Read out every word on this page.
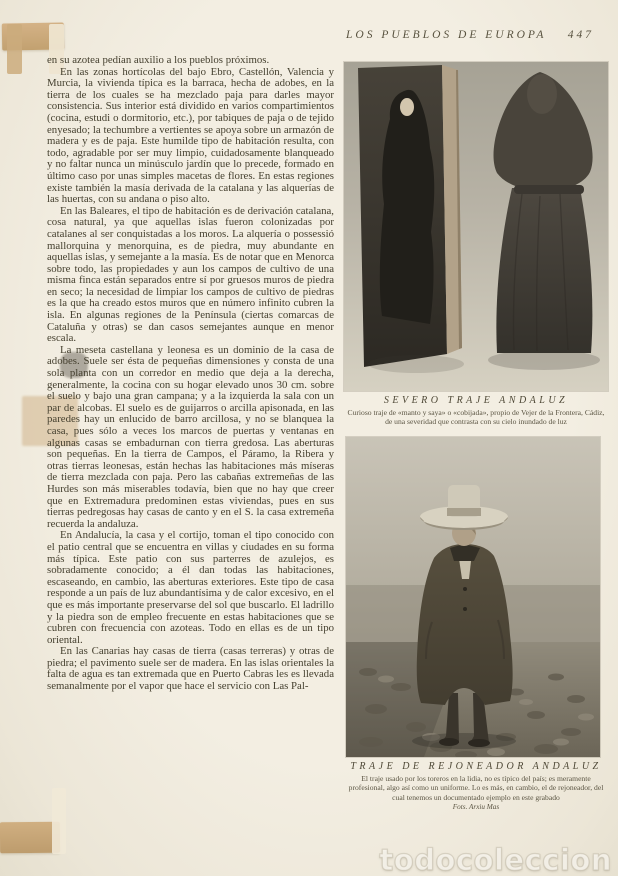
LOS PUEBLOS DE EUROPA 447

en su azotea pedían auxilio a los pueblos próximos.

En las zonas hortícolas del bajo Ebro, Castellón, Valencia y Murcia, la vivienda típica es la barraca, hecha de adobes, en la tierra de los cuales se ha mezclado paja para darles mayor consistencia. Sus interior está dividido en varios compartimientos (cocina, estudi o dormitorio, etc.), por tabiques de paja o de tejido enyesado; la techumbre a vertientes se apoya sobre un armazón de madera y es de paja. Este humilde tipo de habitación resulta, con todo, agradable por ser muy limpio, cuidadosamente blanqueado y no faltar nunca un minúsculo jardín que lo precede, formado en último caso por unas simples macetas de flores. En estas regiones existe también la masía derivada de la catalana y las alquerías de las huertas, con su andana o piso alto.

En las Baleares, el tipo de habitación es de derivación catalana, cosa natural, ya que aquellas islas fueron colonizadas por catalanes al ser conquistadas a los moros. La alquería o possessió mallorquina y menorquina, es de piedra, muy abundante en aquellas islas, y semejante a la masía. Es de notar que en Menorca sobre todo, las propiedades y aun los campos de cultivo de una misma finca están separados entre sí por gruesos muros de piedra en seco; la necesidad de limpiar los campos de cultivo de piedras es la que ha creado estos muros que en número infinito cubren la isla. En algunas regiones de la Península (ciertas comarcas de Cataluña y otras) se dan casos semejantes aunque en menor escala.

La meseta castellana y leonesa es un dominio de la casa de adobes. Suele ser ésta de pequeñas dimensiones y consta de una sola planta con un corredor en medio que deja a la derecha, generalmente, la cocina con su hogar elevado unos 30 cm. sobre el suelo y bajo una gran campana; y a la izquierda la sala con un par de alcobas. El suelo es de guijarros o arcilla apisonada, en las paredes hay un enlucido de barro arcillosa, y no se blanquea la casa, pues sólo a veces los marcos de puertas y ventanas en algunas casas se embadurnan con tierra gredosa. Las aberturas son pequeñas. En la tierra de Campos, el Páramo, la Ribera y otras tierras leonesas, están hechas las habitaciones más míseras de tierra mezclada con paja. Pero las cabañas extremeñas de las Hurdes son más miserables todavía, bien que no hay que creer que en Extremadura predominen estas viviendas, pues en sus tierras pedregosas hay casas de canto y en el S. la casa extremeña recuerda la andaluza.

En Andalucía, la casa y el cortijo, toman el tipo conocido con el patio central que se encuentra en villas y ciudades en su forma más típica. Este patio con sus parterres de azulejos, es sobradamente conocido; a él dan todas las habitaciones, escaseando, en cambio, las aberturas exteriores. Este tipo de casa responde a un país de luz abundantísima y de calor excesivo, en el que es más importante preservarse del sol que buscarlo. El ladrillo y la piedra son de empleo frecuente en estas habitaciones que se cubren con frecuencia con azoteas. Todo en ellas es de un tipo oriental.

En las Canarias hay casas de tierra (casas terreras) y otras de piedra; el pavimento suele ser de madera. En las islas orientales la falta de agua es tan extremada que en Puerto Cabras les es llevada semanalmente por el vapor que hace el servicio con Las Pal-

SEVERO TRAJE ANDALUZ
Curioso traje de «manto y saya» o «cobijada», propio de Vejer de la Frontera, Cádiz, de una severidad que contrasta con su cielo inundado de luz
TRAJE DE REJONEADOR ANDALUZ
El traje usado por los toreros en la lidia, no es típico del país; es meramente profesional, algo así como un uniforme. Lo es más, en cambio, el de rejoneador, del cual tenemos un documentado ejemplo en este grabado
Fots. Arxiu Mas
todocoleccion
